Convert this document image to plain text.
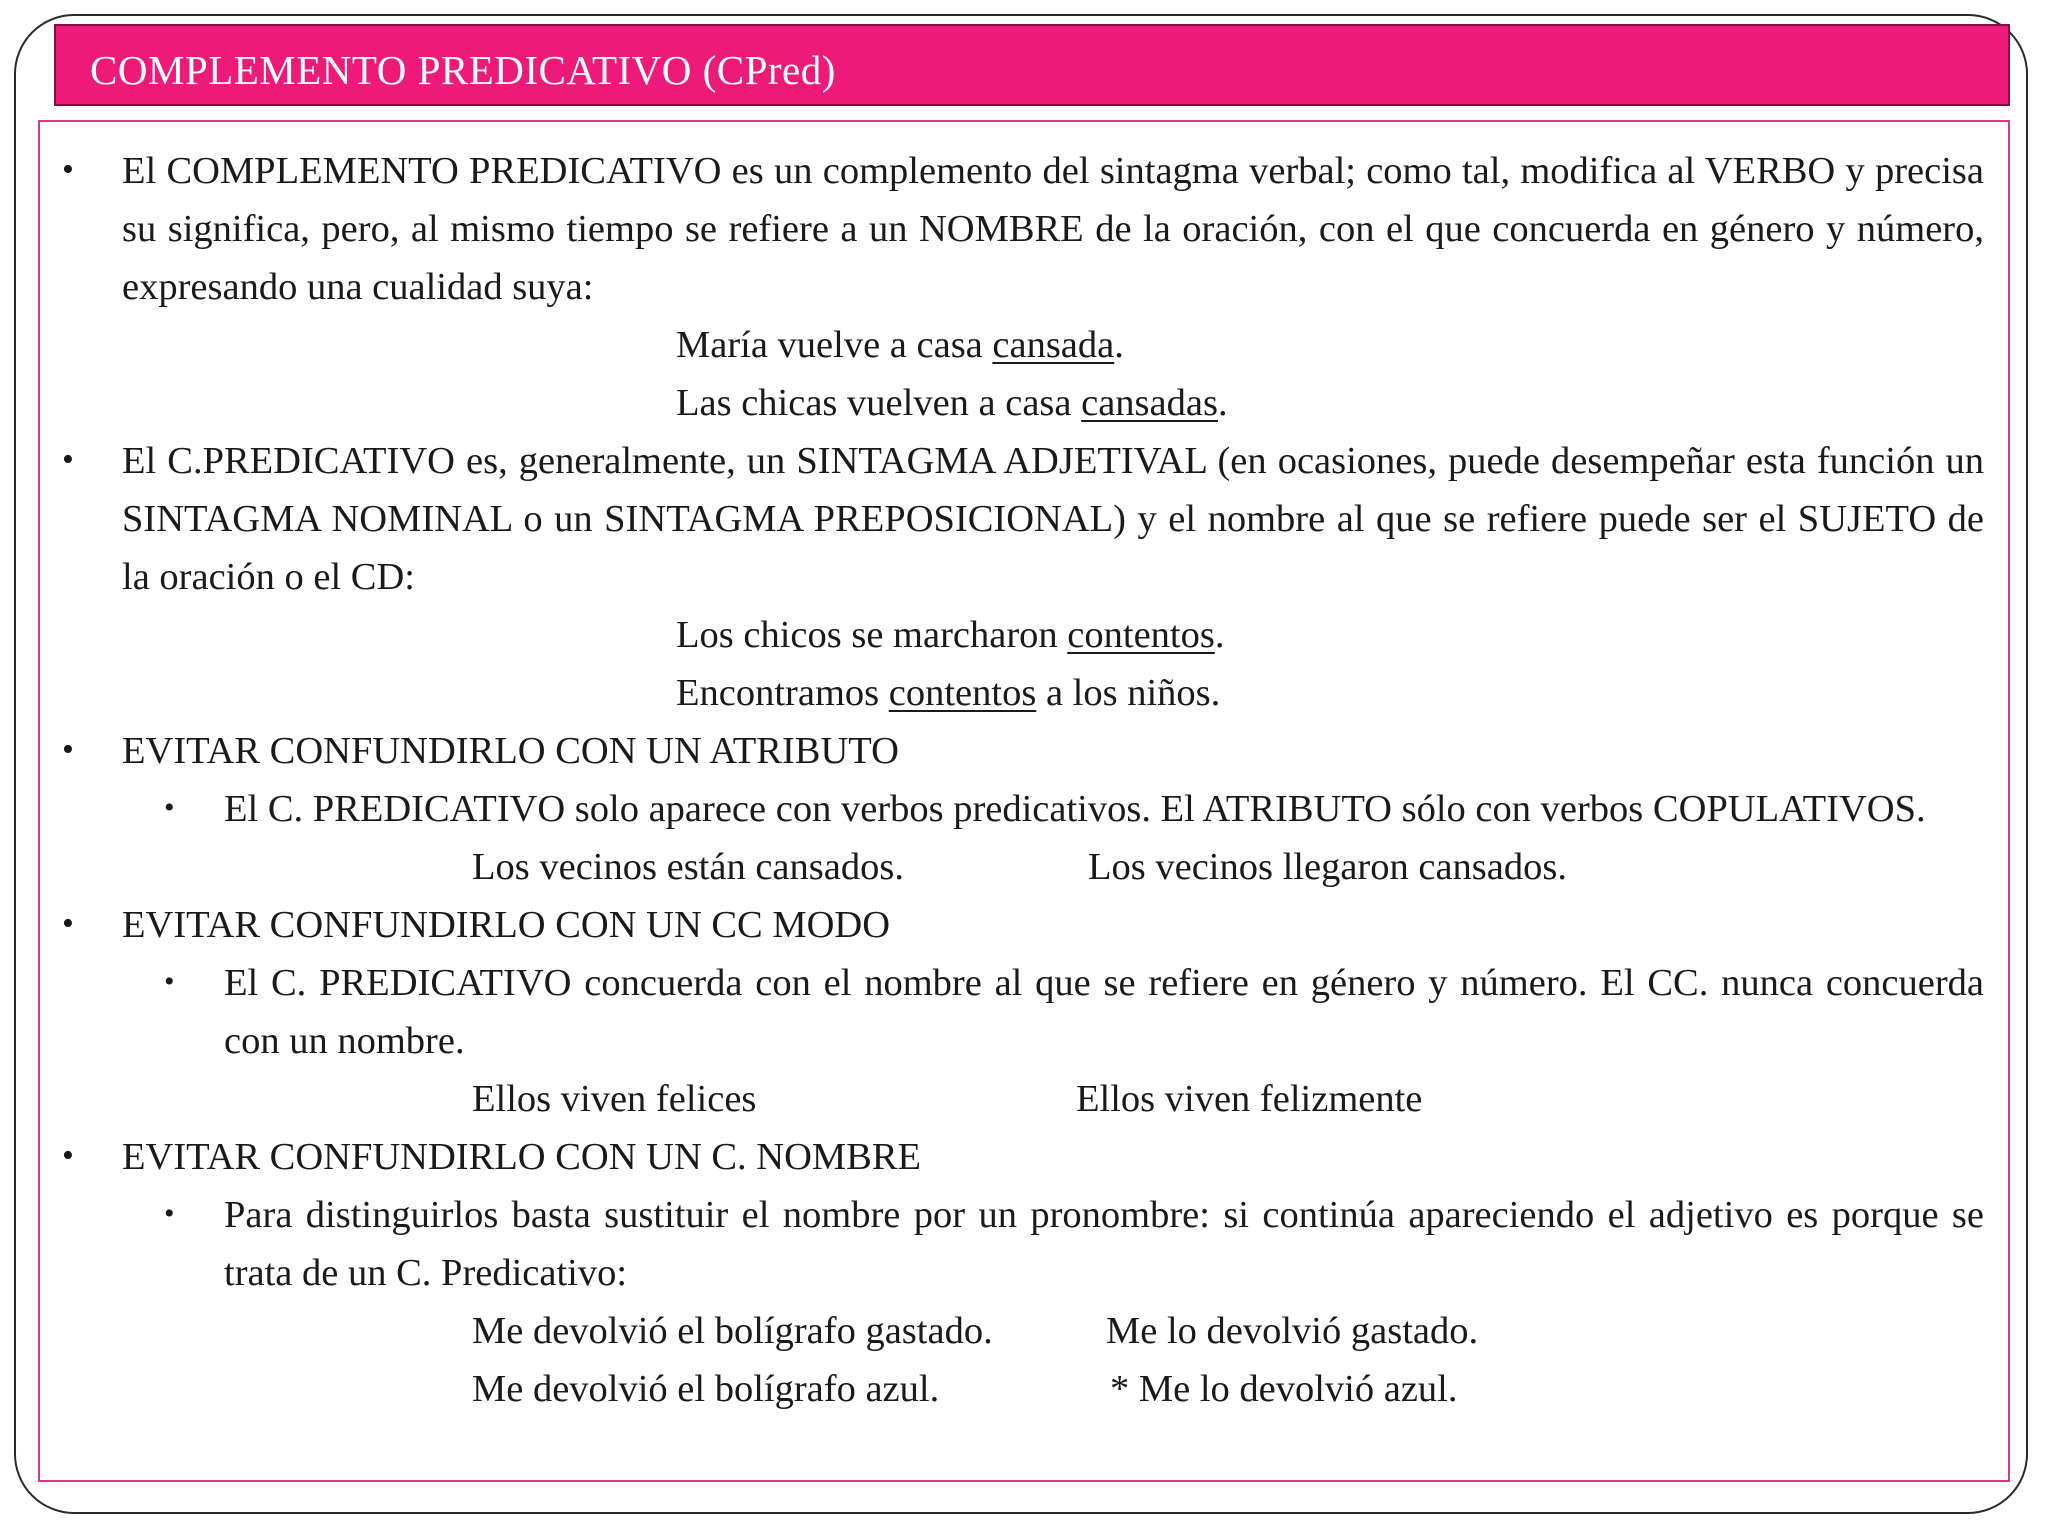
COMPLEMENTO PREDICATIVO (CPred)
• El COMPLEMENTO PREDICATIVO es un complemento del sintagma verbal; como tal, modifica al VERBO y precisa su significa, pero, al mismo tiempo se refiere a un NOMBRE de la oración, con el que concuerda en género y número, expresando una cualidad suya:
María vuelve a casa cansada.
Las chicas vuelven a casa cansadas.
• El C.PREDICATIVO es, generalmente, un SINTAGMA ADJETIVAL (en ocasiones, puede desempeñar esta función un SINTAGMA NOMINAL o un SINTAGMA PREPOSICIONAL) y el nombre al que se refiere puede ser el SUJETO de la oración o el CD:
Los chicos se marcharon contentos.
Encontramos contentos a los niños.
• EVITAR CONFUNDIRLO CON UN ATRIBUTO
• El C. PREDICATIVO solo aparece con verbos predicativos. El ATRIBUTO sólo con verbos COPULATIVOS.
Los vecinos están cansados.	Los vecinos llegaron cansados.
• EVITAR CONFUNDIRLO CON UN CC MODO
• El C. PREDICATIVO concuerda con el nombre al que se refiere en género y número. El CC. nunca concuerda con un nombre.
Ellos viven felices	Ellos viven felizmente
• EVITAR CONFUNDIRLO CON UN C. NOMBRE
• Para distinguirlos basta sustituir el nombre por un pronombre: si continúa apareciendo el adjetivo es porque se trata de un C. Predicativo:
Me devolvió el bolígrafo gastado.	Me lo devolvió gastado.
Me devolvió el bolígrafo azul.	* Me lo devolvió azul.
